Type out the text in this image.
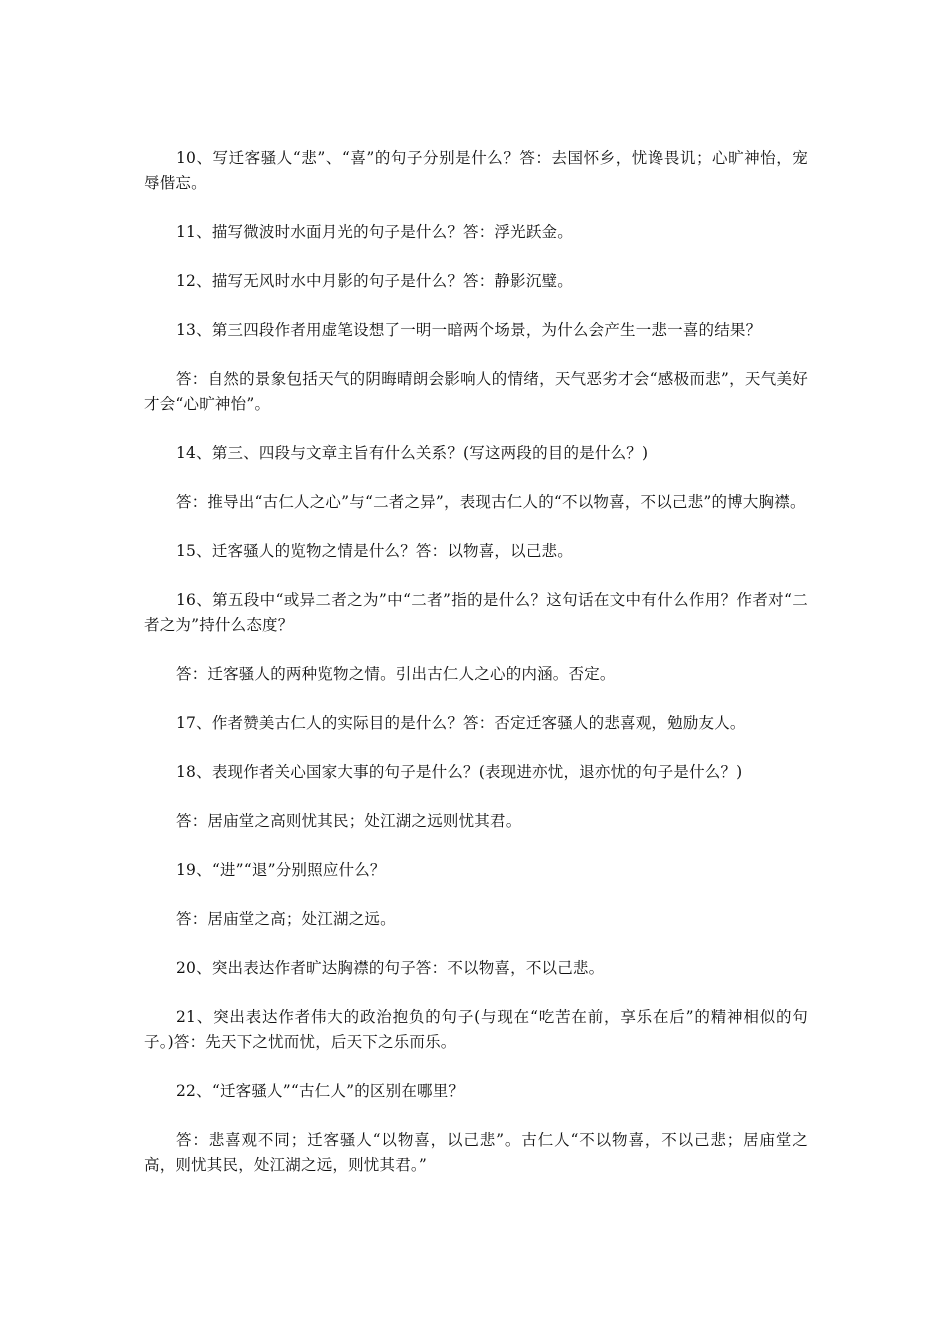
10、写迁客骚人“悲”、“喜”的句子分别是什么？答：去国怀乡，忧谗畏讥；心旷神怡，宠辱偕忘。

11、描写微波时水面月光的句子是什么？答：浮光跃金。

12、描写无风时水中月影的句子是什么？答：静影沉璧。

13、第三四段作者用虚笔设想了一明一暗两个场景，为什么会产生一悲一喜的结果？

答：自然的景象包括天气的阴晦晴朗会影响人的情绪，天气恶劣才会“感极而悲”，天气美好才会“心旷神怡”。

14、第三、四段与文章主旨有什么关系？(写这两段的目的是什么？)

答：推导出“古仁人之心”与“二者之异”，表现古仁人的“不以物喜，不以己悲”的博大胸襟。

15、迁客骚人的览物之情是什么？答：以物喜，以己悲。

16、第五段中“或异二者之为”中“二者”指的是什么？这句话在文中有什么作用？作者对“二者之为”持什么态度？

答：迁客骚人的两种览物之情。引出古仁人之心的内涵。否定。

17、作者赞美古仁人的实际目的是什么？答：否定迁客骚人的悲喜观，勉励友人。

18、表现作者关心国家大事的句子是什么？(表现进亦忧，退亦忧的句子是什么？)

答：居庙堂之高则忧其民；处江湖之远则忧其君。

19、“进”“退”分别照应什么？

答：居庙堂之高；处江湖之远。

20、突出表达作者旷达胸襟的句子答：不以物喜，不以己悲。

21、突出表达作者伟大的政治抱负的句子(与现在“吃苦在前，享乐在后”的精神相似的句子。)答：先天下之忧而忧，后天下之乐而乐。

22、“迁客骚人”“古仁人”的区别在哪里？

答：悲喜观不同；迁客骚人“以物喜，以己悲”。古仁人“不以物喜，不以己悲；居庙堂之高，则忧其民，处江湖之远，则忧其君。”
